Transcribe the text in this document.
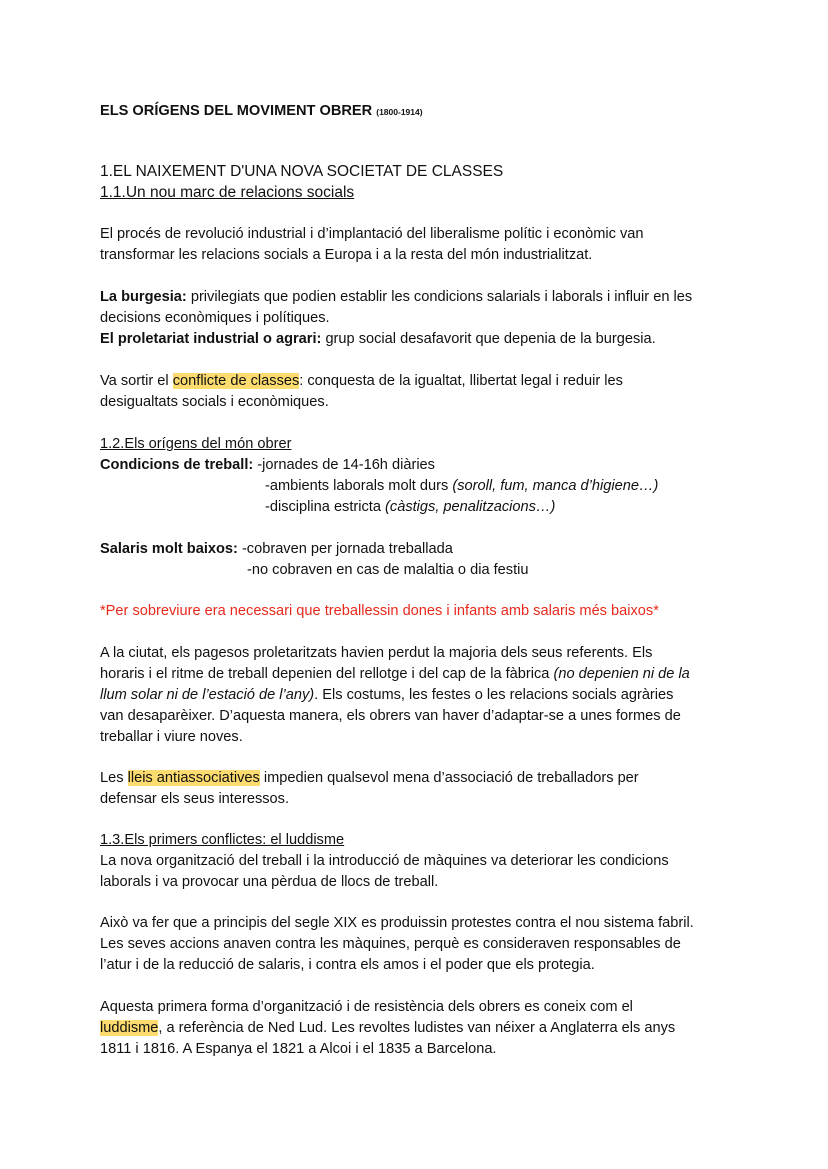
ELS ORÍGENS DEL MOVIMENT OBRER (1800-1914)
1.EL NAIXEMENT D'UNA NOVA SOCIETAT DE CLASSES
1.1.Un nou marc de relacions socials
El procés de revolució industrial i d’implantació del liberalisme polític i econòmic van
transformar les relacions socials a Europa i a la resta del món industrialitzat.
La burgesia: privilegiats que podien establir les condicions salarials i laborals i influir en les
decisions econòmiques i polítiques.
El proletariat industrial o agrari: grup social desafavorit que depenia de la burgesia.
Va sortir el conflicte de classes: conquesta de la igualtat, llibertat legal i reduir les
desigualtats socials i econòmiques.
1.2.Els orígens del món obrer
Condicions de treball: -jornades de 14-16h diàries
-ambients laborals molt durs (soroll, fum, manca d’higiene…)
-disciplina estricta (càstigs, penalitzacions…)
Salaris molt baixos: -cobraven per jornada treballada
-no cobraven en cas de malaltia o dia festiu
*Per sobreviure era necessari que treballessin dones i infants amb salaris més baixos*
A la ciutat, els pagesos proletaritzats havien perdut la majoria dels seus referents. Els
horaris i el ritme de treball depenien del rellotge i del cap de la fàbrica (no depenien ni de la
llum solar ni de l’estació de l’any). Els costums, les festes o les relacions socials agràries
van desaparèixer. D’aquesta manera, els obrers van haver d’adaptar-se a unes formes de
treballar i viure noves.
Les lleis antiassociatives impedien qualsevol mena d’associació de treballadors per
defensar els seus interessos.
1.3.Els primers conflictes: el luddisme
La nova organització del treball i la introducció de màquines va deteriorar les condicions
laborals i va provocar una pèrdua de llocs de treball.
Això va fer que a principis del segle XIX es produissin protestes contra el nou sistema fabril.
Les seves accions anaven contra les màquines, perquè es consideraven responsables de
l’atur i de la reducció de salaris, i contra els amos i el poder que els protegia.
Aquesta primera forma d’organització i de resistència dels obrers es coneix com el
luddisme, a referència de Ned Lud. Les revoltes ludistes van néixer a Anglaterra els anys
1811 i 1816. A Espanya el 1821 a Alcoi i el 1835 a Barcelona.
